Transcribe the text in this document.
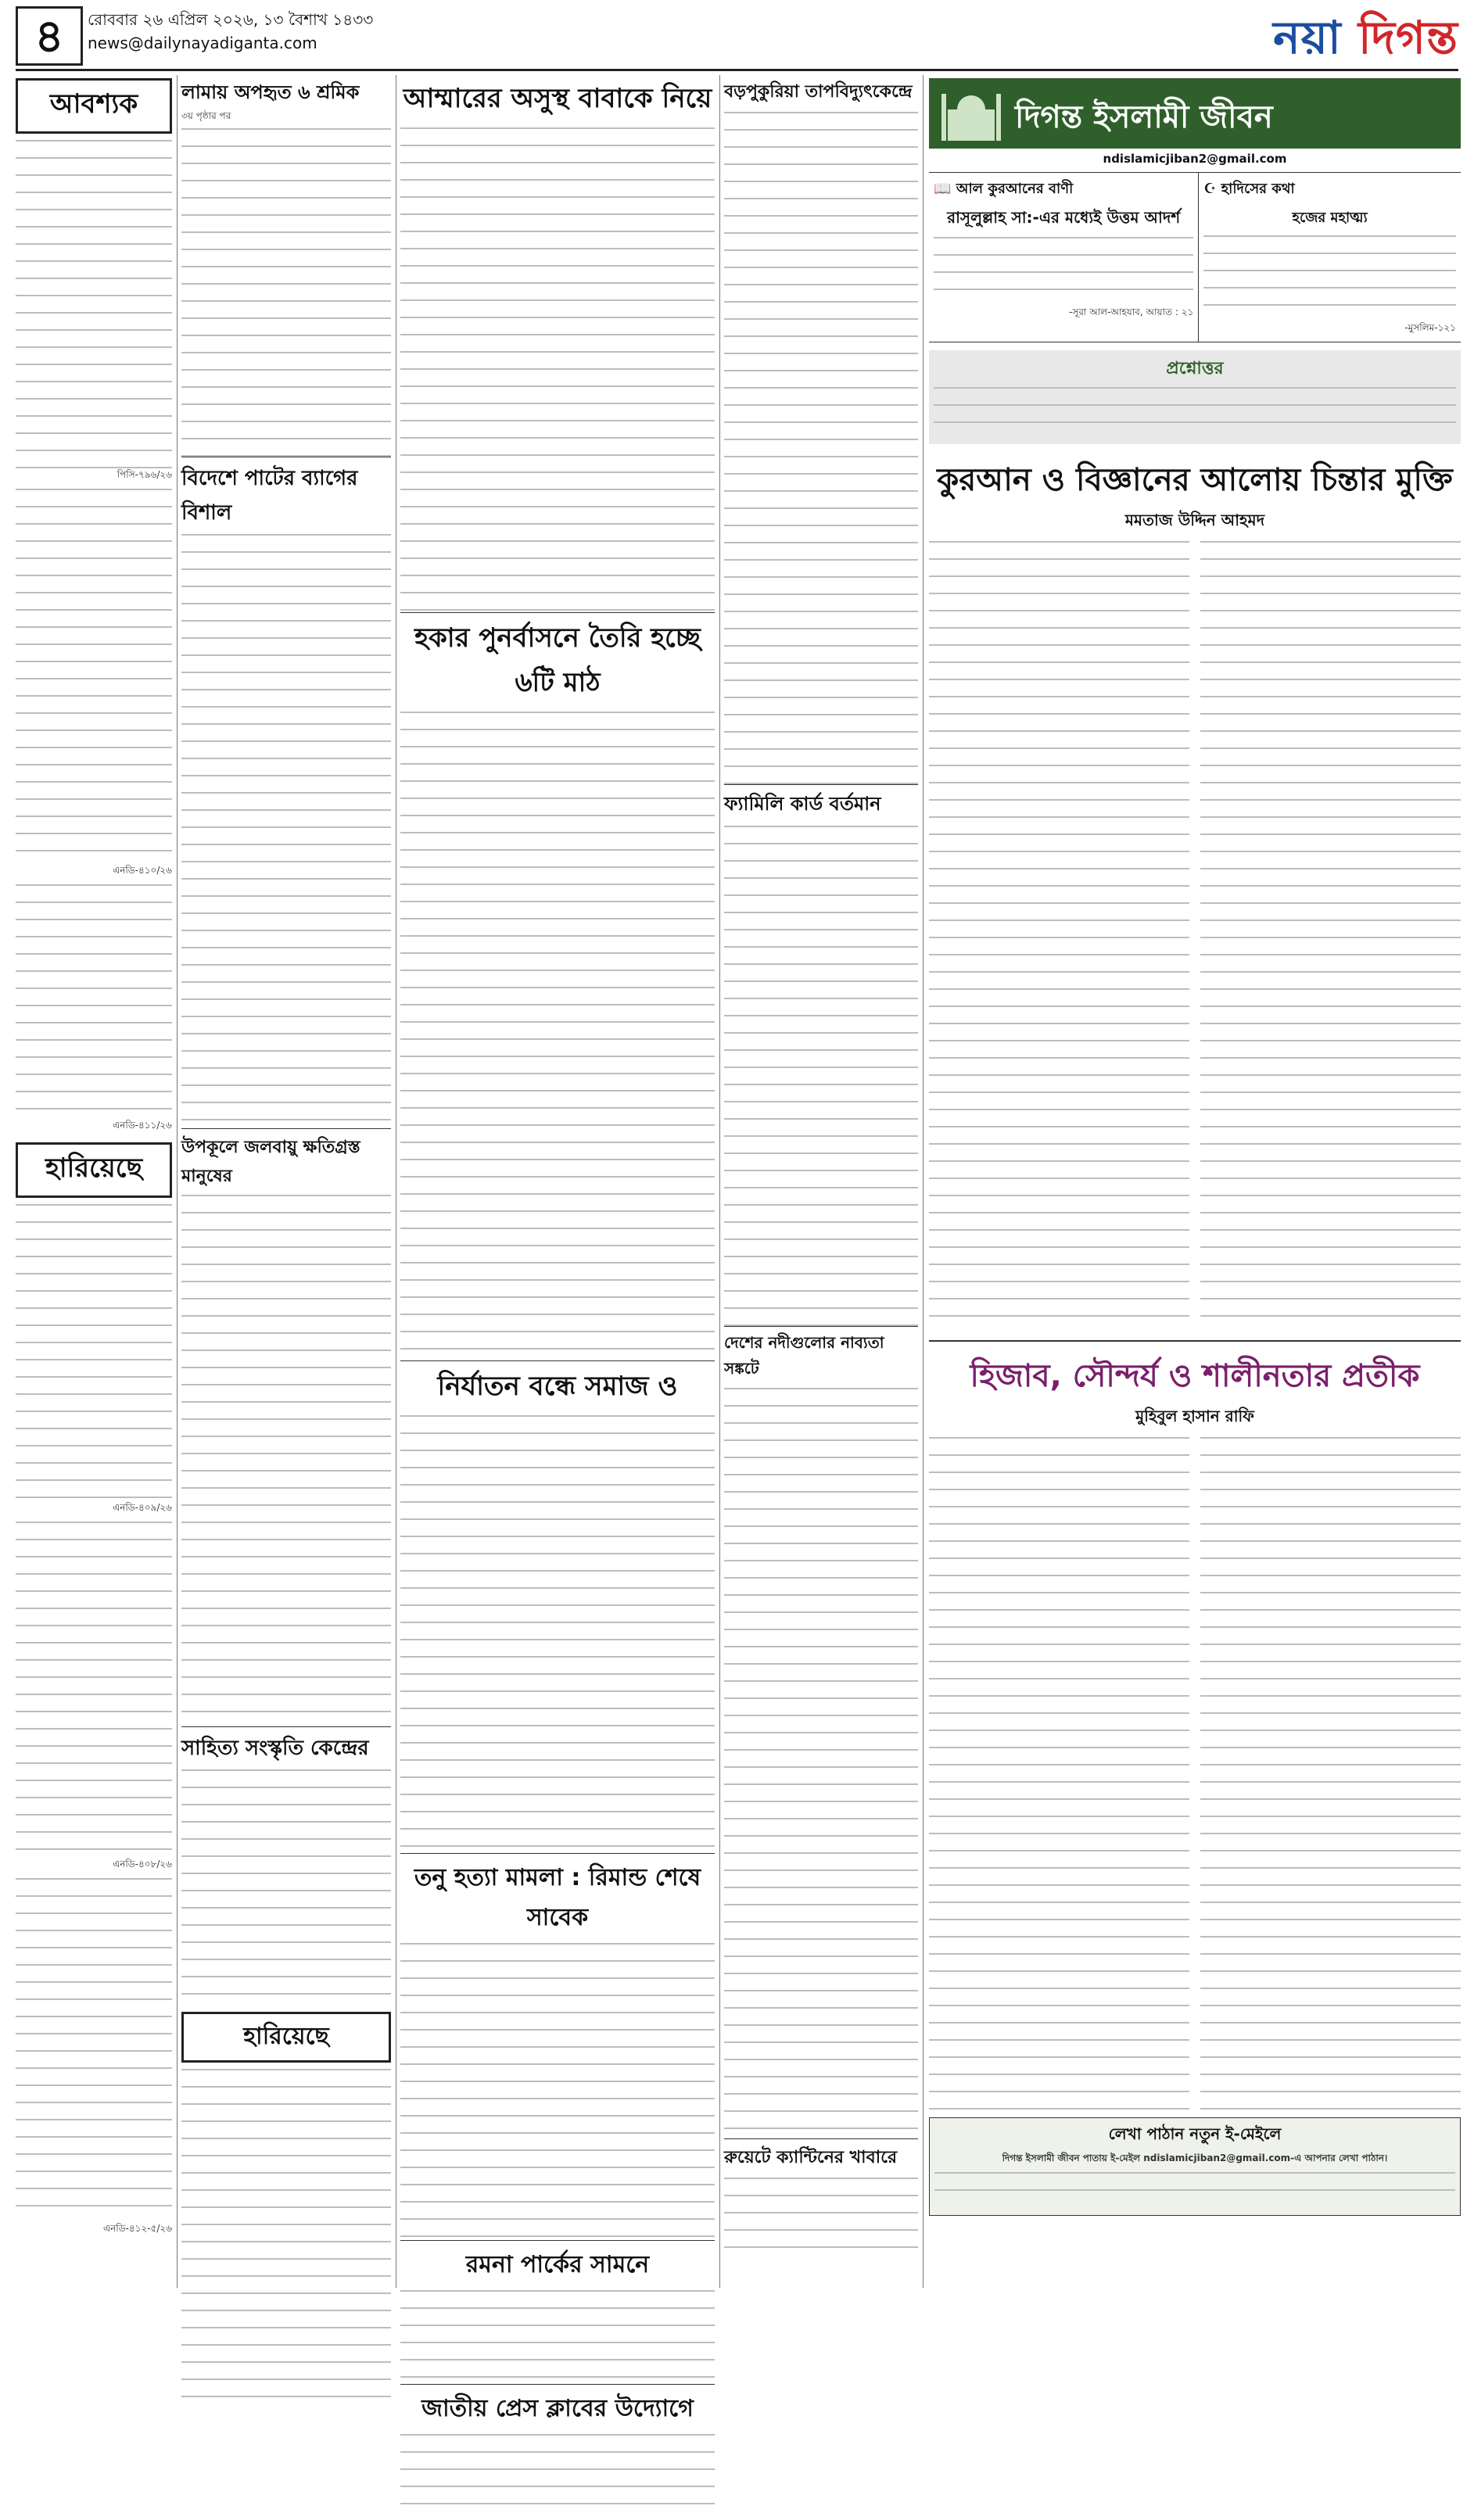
৪	রোববার ২৬ এপ্রিল ২০২৬, ১৩ বৈশাখ ১৪৩৩
news@dailynayadiganta.com	নয়া দিগন্ত
আবশ্যক
পিসি-৭৯৬/২৬
এনডি-৪১০/২৬
এনডি-৪১১/২৬
হারিয়েছে
এনডি-৪০৯/২৬
এনডি-৪০৮/২৬
এনডি-৪১২-৫/২৬
লামায় অপহৃত ৬ শ্রমিক
৩য় পৃষ্ঠার পর
বিদেশে পাটের ব্যাগের বিশাল
উপকূলে জলবায়ু ক্ষতিগ্রস্ত মানুষের
সাহিত্য সংস্কৃতি কেন্দ্রের
হারিয়েছে
আম্মারের অসুস্থ বাবাকে নিয়ে
হকার পুনর্বাসনে তৈরি হচ্ছে ৬টি মাঠ
নির্যাতন বন্ধে সমাজ ও
তনু হত্যা মামলা : রিমান্ড শেষে সাবেক
রমনা পার্কের সামনে
জাতীয় প্রেস ক্লাবের উদ্যোগে
বড়পুকুরিয়া তাপবিদ্যুৎকেন্দ্রে
ফ্যামিলি কার্ড বর্তমান
দেশের নদীগুলোর নাব্যতা সঙ্কটে
রুয়েটে ক্যান্টিনের খাবারে
দিগন্ত ইসলামী জীবন
ndislamicjiban2@gmail.com
📖 আল কুরআনের বাণী
রাসূলুল্লাহ সা:-এর মধ্যেই উত্তম আদর্শ
-সূরা আল-আহযাব, আয়াত : ২১
☪ হাদিসের কথা
হজের মহাত্ম্য
-মুসলিম-১২১
প্রশ্নোত্তর
কুরআন ও বিজ্ঞানের আলোয় চিন্তার মুক্তি
মমতাজ উদ্দিন আহমদ
হিজাব, সৌন্দর্য ও শালীনতার প্রতীক
মুহিবুল হাসান রাফি
লেখা পাঠান নতুন ই-মেইলে
দিগন্ত ইসলামী জীবন পাতায় ই-মেইল ndislamicjiban2@gmail.com-এ আপনার লেখা পাঠান।
